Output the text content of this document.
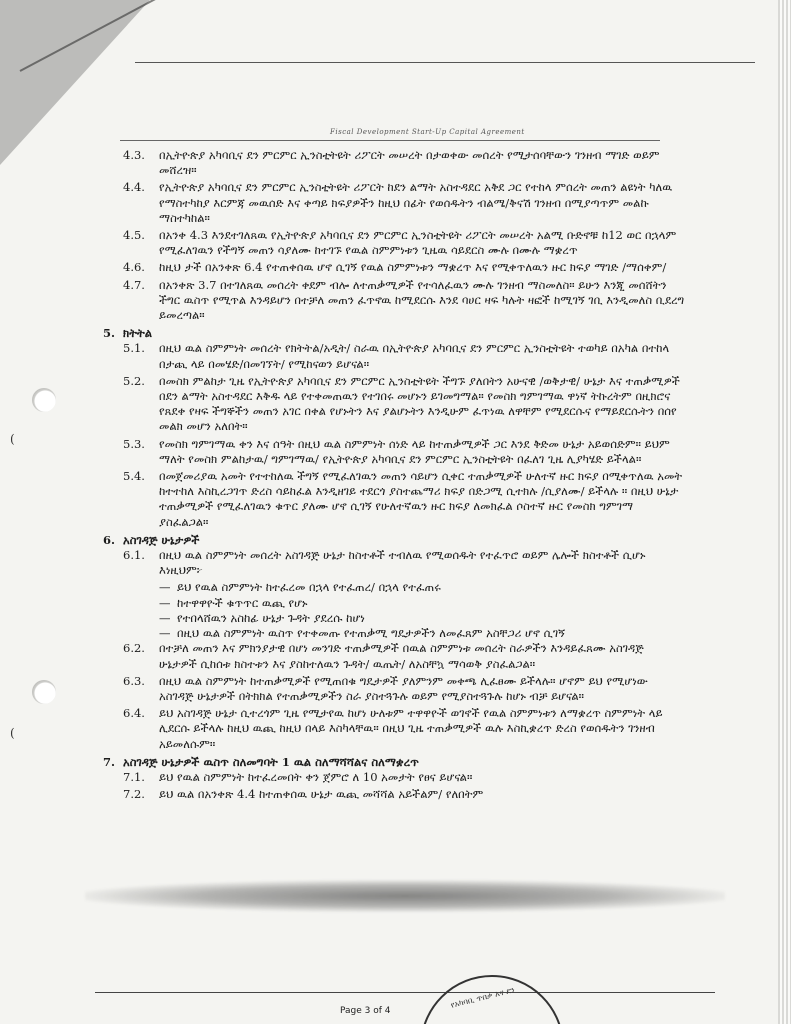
Fiscal Development Start-Up Capital Agreement
(
(
4.3.	በኢትዮጵያ አካባቢና ደን ምርምር ኢንስቲትዩት ሪፖርት መሠረት በታወቀው መሰረት የሚታሰባቸውን ገንዘብ ማገድ ወይም መሸረዝ።
4.4.	የኢትዮጵያ አካባቢና ደን ምርምር ኢንስቲትዩት ሪፖርት ከደን ልማት አስተዳደር አቅደ ጋር የተከላ ምሰረት መጠን ልዩነት ካለዉ የማስተካከያ እርምጃ መዉሰድ እና ቀጣይ ክፍያዎችን ከዚህ በፊት የወሰዱትን ብልሜ/ቅናሽ ገንዘብ በሚያጣጥም መልኩ ማስተካከል።
4.5.	በአንቀ 4.3 እንደተገለጸዉ የኢትዮጵያ አካባቢና ደን ምርምር ኢንስቲትዩት ሪፖርት መሠረት አልሚ ቡድኖቹ ከ12 ወር በኋላም የሚፈለገዉን የችግኝ መጠን ሳያለሙ ከተገኙ የዉል ስምምነቱን ጊዜዉ ሳይደርስ ሙሉ በሙሉ ማቋረጥ
4.6.	ከዚህ ታች በአንቀጽ 6.4 የተጠቀሰዉ ሆኖ ሲገኝ የዉል ስምምነቱን ማቋረጥ እና የሚቀጥለዉን ዙር ክፍያ ማገድ /ማሰቀም/
4.7.	በአንቀጽ 3.7 በተገለጸዉ መሰረት ቀደም ብሎ ለተጠቃሚዎች የተሳለፈዉን ሙሉ ገንዘብ ማስመለስ። ይሁን እንጂ መሰሸትን ችግር ዉስጥ የሚጥል እንዳይሆን በተቻለ መጠን ፈጥኖዉ ከሚደርሱ እንደ ባሀር ዛፍ ካሉት ዛፎች ከሚገኝ ገቢ እንዲመለስ ቢደረግ ይመረጣል።
5. ክትትል
5.1.	በዚህ ዉል ስምምነት መሰረት የክትትል/አዲት/ ስራዉ በኢትዮጵያ አካባቢና ደን ምርምር ኢንስቲትዩት ተወካይ በአካል በተከላ በታጪ ላይ በመሄድ/በመገኘት/ የሚከናወን ይሆናል።
5.2.	በመስክ ምልከታ ጊዜ የኢትዮጵያ አካባቢና ደን ምርምር ኢንስቲትዩት ችግኙ ያለበትን አሁናዊ /ወቅታዊ/ ሁኔታ እና ተጠቃሚዎች በደን ልማት አስተዳደር እቅዱ ላይ የተቀመጠዉን የተገበሩ መሆኑን ይገመግማል። የመስክ ግምገማዉ ዋነኛ ትኩረትም በዚክሮና የጸደቀ የዛፍ ችግኞችን መጠን አገር በቀል የሆኑትን እና ያልሆኑትን እንዲሁም ፈጥነዉ ለዋቸም የሚደርሱና የማይደርሱትን በሰየ መልክ መሆን አለበት።
5.3.	የመስክ ግምገማዉ ቀን እና ሰዓት በዚህ ዉል ስምምነት ሰነድ ላይ ከተጠቃሚዎች ጋር እንደ ቅድመ ሁኔታ አይወሰድም። ይህም ማለት የመስክ ምልከታዉ/ ግምገማዉ/ የኢትዮጵያ አካባቢና ደን ምርምር ኢንስቲትዩት በፈለገ ጊዜ ሊያካሄድ ይችላል።
5.4.	በመጀመሪያዉ አመት የተተከለዉ ችግኝ የሚፈለገዉን መጠን ሳይሆን ሲቀር ተጠቃሚዎች ሁለተኛ ዙር ክፍያ በሚቀጥለዉ አመት ከተተከለ እስኪረጋገጥ ድረስ ሳይከፈል እንዲዘገይ ተደርጎ ያስተጨማሪ ክፍያ በድጋሚ ሲተክሉ /ሲያለሙ/ ይችላሉ ። በዚህ ሁኔታ ተጠቃሚዎች የሚፈለገዉን ቁጥር ያለሙ ሆኖ ሲገኝ የሁለተኛዉን ዙር ክፍያ ለመክፈል ሶስተኛ ዙር የመስክ ግምገማ ያስፈልጋል።
6. አስገዳጅ ሁኔታዎች
6.1.	በዚህ ዉል ስምምነት መሰረት አስገዳጅ ሁኔታ ከስተቶች ተብለዉ የሚወሰዱት የተፈጥሮ ወይም ሌሎች ክስተቶች ሲሆኑ እነዚህም፦
— ይህ የዉል ስምምነት ከተፈረመ በኋላ የተፈጠረ/ በኋላ የተፈጠሩ
— ከተዋዋዮች ቁጥጥር ዉጪ የሆኑ
— የተበላሸዉን አስከፊ ሁኔታ ጉዳት ያደረሱ ከሆነ
— በዚህ ዉል ስምምነት ዉስጥ የተቀመጡ የተጠቃሚ ግዴታዎችን ለመፈጸም አስቸጋሪ ሆኖ ሲገኝ
6.2.	በተቻለ መጠን እና ምክንያታዊ በሆነ መንገድ ተጠቃሚዎች በዉል ስምምነቱ መሰረት ስራዎችን እንዳይፈጸሙ አስገዳጅ ሁኔታዎች ሲከሰቱ ክስተቱን እና ያስከተለዉን ጉዳት/ ዉጤት/ ለአስቸኳ ማሳወቅ ያስፈልጋል።
6.3.	በዚህ ዉል ስምምነት ከተጠቃሚዎች የሚጠበቁ ግዴታዎች ያለምንም መቀጫ ሊፈፀሙ ይችላሉ። ሆኖም ይህ የሚሆነው አስገዳጅ ሁኔታዎች በትክክል የተጠቃሚዎችን ስራ ያስተጓጉሉ ወይም የሚያስተጓጉሉ ከሆኑ ብቻ ይሆናል።
6.4.	ይህ አስገዳጅ ሁኔታ ሲተረጎም ጊዜ የሚታየዉ ከሆነ ሁለቱም ተዋዋዮች ወገኖች የዉል ስምምነቱን ለማቋረጥ ስምምነት ላይ ሊደርሱ ይችላሉ ከዚህ ዉጪ ከዚህ በላይ እስካላቸዉ። በዚህ ጊዜ ተጠቃሚዎች ዉሉ እስኪቋረጥ ድረስ የወሰዱትን ገንዘብ አይመለሱም።
7. አስገዳጅ ሁኔታዎች ዉስጥ ስለመግባት 1 ዉል ስለማሻሻልና ስለማቋረጥ
7.1.	ይህ የዉል ስምምነት ከተፈረመበት ቀን ጀምሮ ለ 10 አመታት የፀና ይሆናል።
7.2.	ይህ ዉል በአንቀጽ 4.4 ከተጠቀሰዉ ሁኔታ ዉጪ መሻሻል አይችልም/ የለበትም
Page 3 of 4
የአካባቢ ጥበቃ እና ደን
